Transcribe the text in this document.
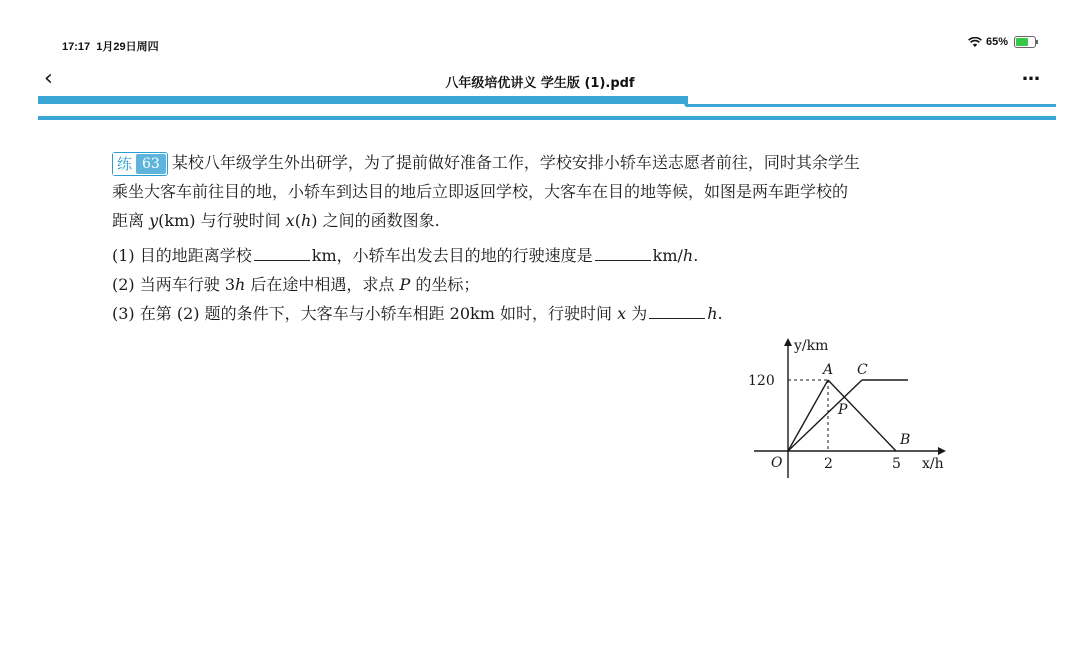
17:17 1月29日周四	65%
‹	八年级培优讲义 学生版 (1).pdf	…
练 63 某校八年级学生外出研学，为了提前做好准备工作，学校安排小轿车送志愿者前往，同时其余学生
乘坐大客车前往目的地，小轿车到达目的地后立即返回学校，大客车在目的地等候，如图是两车距学校的
距离 y(km) 与行驶时间 x(h) 之间的函数图象.
(1) 目的地距离学校	km，小轿车出发去目的地的行驶速度是	km/h.
(2) 当两车行驶 3h 后在途中相遇，求点 P 的坐标；
(3) 在第 (2) 题的条件下，大客车与小轿车相距 20km 如时，行驶时间 x 为	h.
y/km
x/h
O
120
2	5
A C
P
B
